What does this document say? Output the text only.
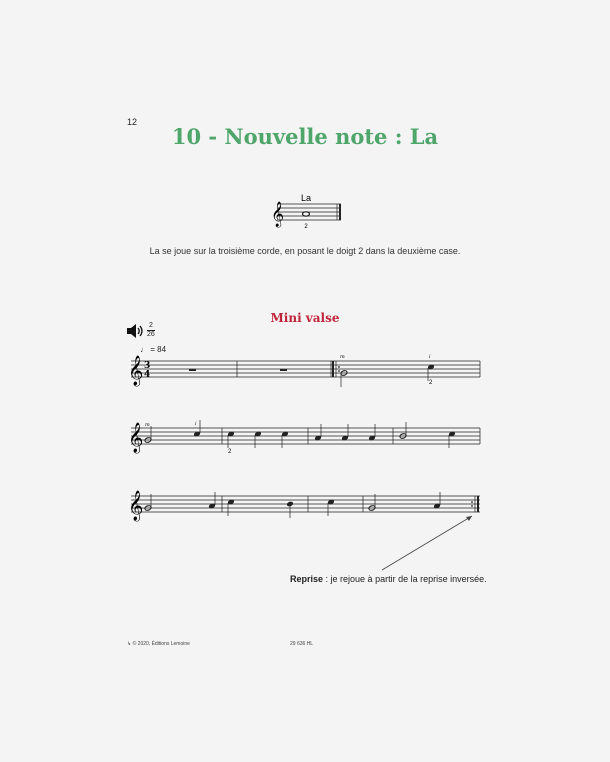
12
10 - Nouvelle note : La
La
𝄞	2
La se joue sur la troisième corde, en posant le doigt 2 dans la deuxième case.
Mini valse
2
26
♩ = 84
𝄞
𝄞
𝄞
3
4
m	i
2
m	i
2
Reprise : je rejoue à partir de la reprise inversée.
↳ © 2020, Éditions Lemoine	29 636 HL
